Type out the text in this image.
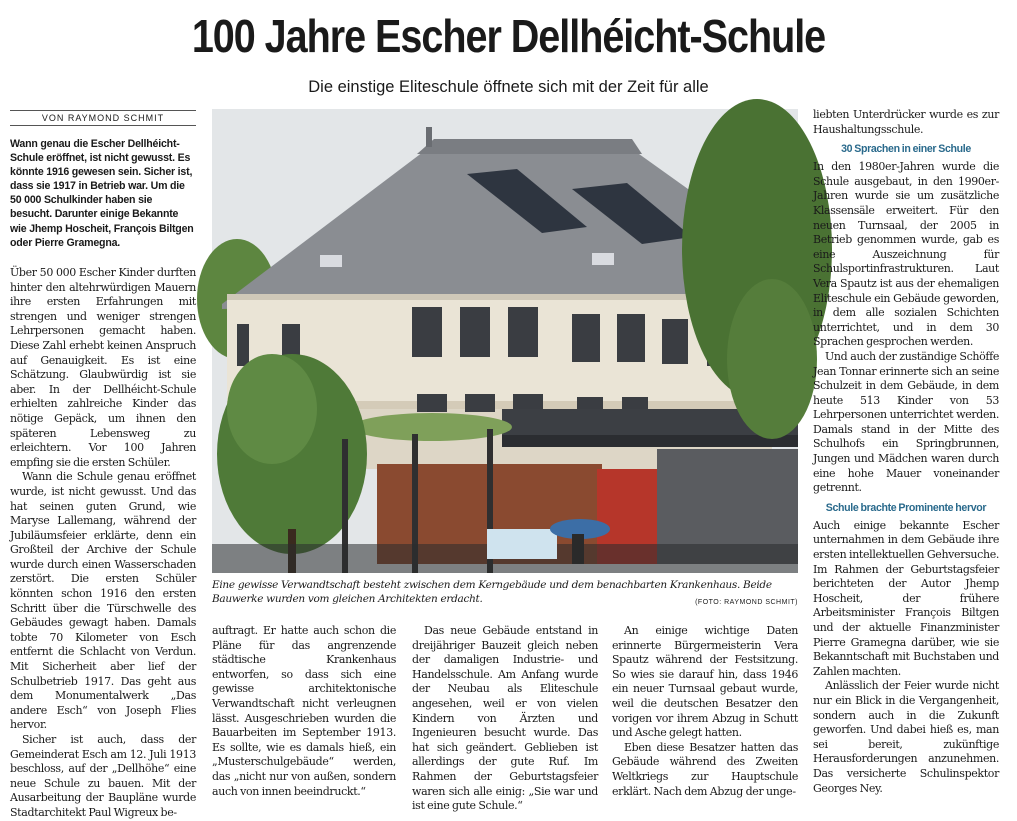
100 Jahre Escher Dellhéicht-Schule
Die einstige Eliteschule öffnete sich mit der Zeit für alle
VON RAYMOND SCHMIT
Wann genau die Escher Dellhéicht-Schule eröffnet, ist nicht gewusst. Es könnte 1916 gewesen sein. Sicher ist, dass sie 1917 in Betrieb war. Um die 50 000 Schulkinder haben sie besucht. Darunter einige Bekannte wie Jhemp Hoscheit, François Biltgen oder Pierre Gramegna.

Über 50 000 Escher Kinder durften hinter den altehrwürdigen Mauern ihre ersten Erfahrungen mit strengen und weniger strengen Lehrpersonen gemacht haben. Diese Zahl erhebt keinen Anspruch auf Genauigkeit. Es ist eine Schätzung. Glaubwürdig ist sie aber. In der Dellhéicht-Schule erhielten zahlreiche Kinder das nötige Gepäck, um ihnen den späteren Lebensweg zu erleichtern. Vor 100 Jahren empfing sie die ersten Schüler.

Wann die Schule genau eröffnet wurde, ist nicht gewusst. Und das hat seinen guten Grund, wie Maryse Lallemang, während der Jubiläumsfeier erklärte, denn ein Großteil der Archive der Schule wurde durch einen Wasserschaden zerstört. Die ersten Schüler könnten schon 1916 den ersten Schritt über die Türschwelle des Gebäudes gewagt haben. Damals tobte 70 Kilometer von Esch entfernt die Schlacht von Verdun. Mit Sicherheit aber lief der Schulbetrieb 1917. Das geht aus dem Monumentalwerk „Das andere Esch“ von Joseph Flies hervor.

Sicher ist auch, dass der Gemeinderat Esch am 12. Juli 1913 beschloss, auf der „Dellhöhe“ eine neue Schule zu bauen. Mit der Ausarbeitung der Baupläne wurde Stadtarchitekt Paul Wigreux be-

Eine gewisse Verwandtschaft besteht zwischen dem Kerngebäude und dem benachbarten Krankenhaus. Beide Bauwerke wurden vom gleichen Architekten erdacht.	(FOTO: RAYMOND SCHMIT)

auftragt. Er hatte auch schon die Pläne für das angrenzende städtische Krankenhaus entworfen, so dass sich eine gewisse architektonische Verwandtschaft nicht verleugnen lässt. Ausgeschrieben wurden die Bauarbeiten im September 1913. Es sollte, wie es damals hieß, ein „Musterschulgebäude“ werden, das „nicht nur von außen, sondern auch von innen beeindruckt.“

Das neue Gebäude entstand in dreijähriger Bauzeit gleich neben der damaligen Industrie- und Handelsschule. Am Anfang wurde der Neubau als Eliteschule angesehen, weil er von vielen Kindern von Ärzten und Ingenieuren besucht wurde. Das hat sich geändert. Geblieben ist allerdings der gute Ruf. Im Rahmen der Geburtstagsfeier waren sich alle einig: „Sie war und ist eine gute Schule.“

An einige wichtige Daten erinnerte Bürgermeisterin Vera Spautz während der Festsitzung. So wies sie darauf hin, dass 1946 ein neuer Turnsaal gebaut wurde, weil die deutschen Besatzer den vorigen vor ihrem Abzug in Schutt und Asche gelegt hatten.

Eben diese Besatzer hatten das Gebäude während des Zweiten Weltkriegs zur Hauptschule erklärt. Nach dem Abzug der unge-

liebten Unterdrücker wurde es zur Haushaltungsschule.

30 Sprachen in einer Schule

In den 1980er-Jahren wurde die Schule ausgebaut, in den 1990er-Jahren wurde sie um zusätzliche Klassensäle erweitert. Für den neuen Turnsaal, der 2005 in Betrieb genommen wurde, gab es eine Auszeichnung für Schulsportinfrastrukturen. Laut Vera Spautz ist aus der ehemaligen Eliteschule ein Gebäude geworden, in dem alle sozialen Schichten unterrichtet, und in dem 30 Sprachen gesprochen werden.

Und auch der zuständige Schöffe Jean Tonnar erinnerte sich an seine Schulzeit in dem Gebäude, in dem heute 513 Kinder von 53 Lehrpersonen unterrichtet werden. Damals stand in der Mitte des Schulhofs ein Springbrunnen, Jungen und Mädchen waren durch eine hohe Mauer voneinander getrennt.

Schule brachte Prominente hervor

Auch einige bekannte Escher unternahmen in dem Gebäude ihre ersten intellektuellen Gehversuche. Im Rahmen der Geburtstagsfeier berichteten der Autor Jhemp Hoscheit, der frühere Arbeitsminister François Biltgen und der aktuelle Finanzminister Pierre Gramegna darüber, wie sie Bekanntschaft mit Buchstaben und Zahlen machten.

Anlässlich der Feier wurde nicht nur ein Blick in die Vergangenheit, sondern auch in die Zukunft geworfen. Und dabei hieß es, man sei bereit, zukünftige Herausforderungen anzunehmen. Das versicherte Schulinspektor Georges Ney.
